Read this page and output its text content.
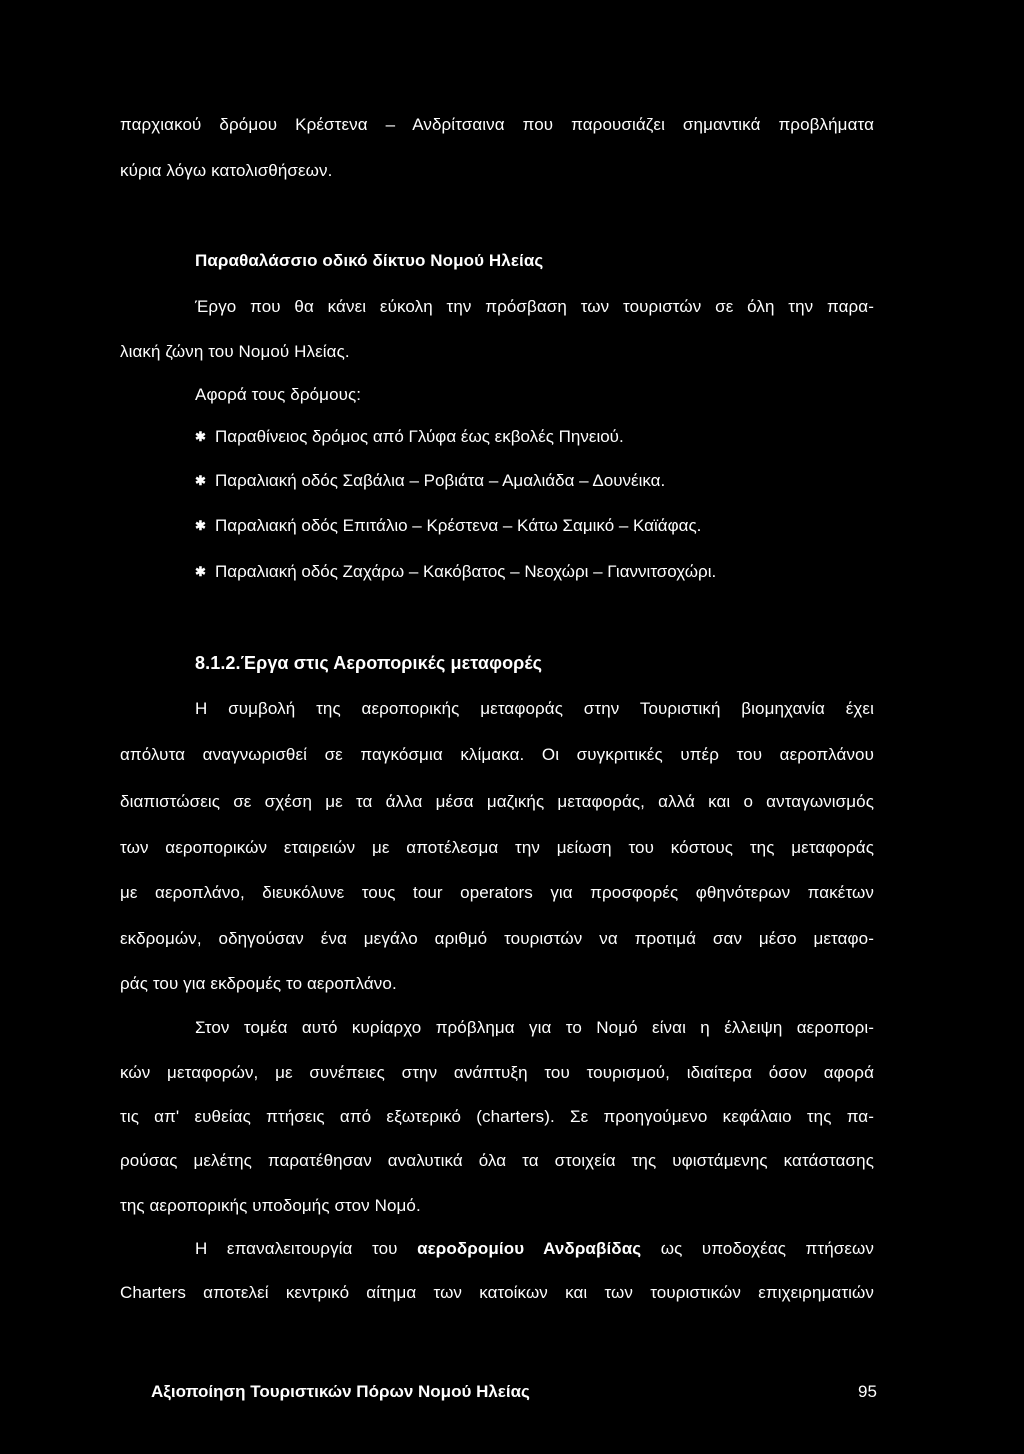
παρχιακού δρόμου Κρέστενα – Ανδρίτσαινα που παρουσιάζει σημαντικά προβλήματα
κύρια λόγω κατολισθήσεων.
Παραθαλάσσιο οδικό δίκτυο Νομού Ηλείας
Έργο που θα κάνει εύκολη την πρόσβαση των τουριστών σε όλη την παρα-
λιακή ζώνη του Νομού Ηλείας.
Αφορά τους δρόμους:
✱ Παραθίνειος δρόμος από Γλύφα έως εκβολές Πηνειού.
✱ Παραλιακή οδός Σαβάλια – Ροβιάτα – Αμαλιάδα – Δουνέικα.
✱ Παραλιακή οδός Επιτάλιο – Κρέστενα – Κάτω Σαμικό – Καϊάφας.
✱ Παραλιακή οδός Ζαχάρω – Κακόβατος – Νεοχώρι – Γιαννιτσοχώρι.
8.1.2.Έργα στις Αεροπορικές μεταφορές
Η συμβολή της αεροπορικής μεταφοράς στην Τουριστική βιομηχανία έχει
απόλυτα αναγνωρισθεί σε παγκόσμια κλίμακα. Οι συγκριτικές υπέρ του αεροπλάνου
διαπιστώσεις σε σχέση με τα άλλα μέσα μαζικής μεταφοράς, αλλά και ο ανταγωνισμός
των αεροπορικών εταιρειών με αποτέλεσμα την μείωση του κόστους της μεταφοράς
με αεροπλάνο, διευκόλυνε τους tour operators για προσφορές φθηνότερων πακέτων
εκδρομών, οδηγούσαν ένα μεγάλο αριθμό τουριστών να προτιμά σαν μέσο μεταφο-
ράς του για εκδρομές το αεροπλάνο.
Στον τομέα αυτό κυρίαρχο πρόβλημα για το Νομό είναι η έλλειψη αεροπορι-
κών μεταφορών, με συνέπειες στην ανάπτυξη του τουρισμού, ιδιαίτερα όσον αφορά
τις απ' ευθείας πτήσεις από εξωτερικό (charters). Σε προηγούμενο κεφάλαιο της πα-
ρούσας μελέτης παρατέθησαν αναλυτικά όλα τα στοιχεία της υφιστάμενης κατάστασης
της αεροπορικής υποδομής στον Νομό.
Η επαναλειτουργία του αεροδρομίου Ανδραβίδας ως υποδοχέας πτήσεων
Charters αποτελεί κεντρικό αίτημα των κατοίκων και των τουριστικών επιχειρηματιών
Αξιοποίηση Τουριστικών Πόρων Νομού Ηλείας	95
